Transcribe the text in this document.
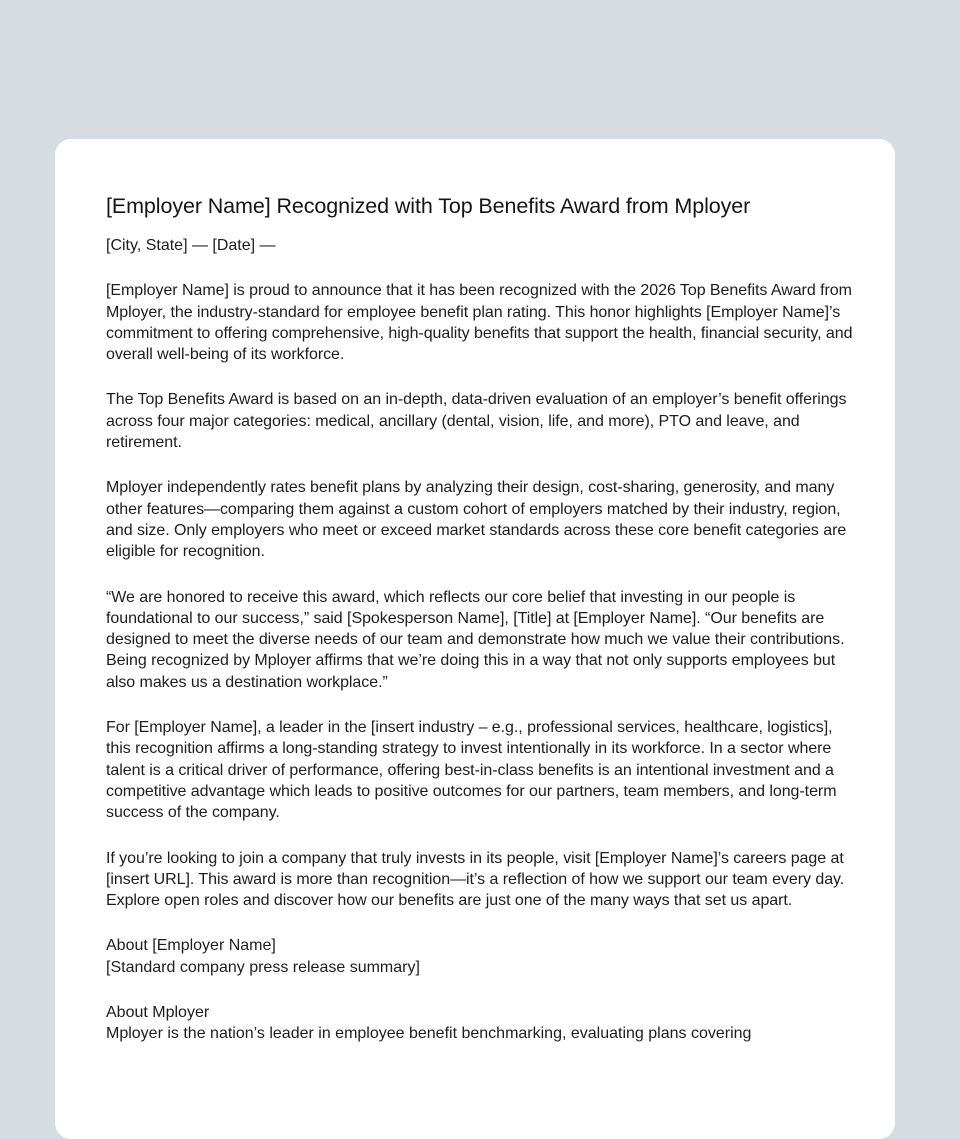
[Employer Name] Recognized with Top Benefits Award from Mployer

[City, State] — [Date] —

[Employer Name] is proud to announce that it has been recognized with the 2026 Top Benefits Award from Mployer, the industry-standard for employee benefit plan rating. This honor highlights [Employer Name]’s commitment to offering comprehensive, high-quality benefits that support the health, financial security, and overall well-being of its workforce.

The Top Benefits Award is based on an in-depth, data-driven evaluation of an employer’s benefit offerings across four major categories: medical, ancillary (dental, vision, life, and more), PTO and leave, and retirement.

Mployer independently rates benefit plans by analyzing their design, cost-sharing, generosity, and many other features—comparing them against a custom cohort of employers matched by their industry, region, and size. Only employers who meet or exceed market standards across these core benefit categories are eligible for recognition.

“We are honored to receive this award, which reflects our core belief that investing in our people is foundational to our success,” said [Spokesperson Name], [Title] at [Employer Name]. “Our benefits are designed to meet the diverse needs of our team and demonstrate how much we value their contributions. Being recognized by Mployer affirms that we’re doing this in a way that not only supports employees but also makes us a destination workplace.”

For [Employer Name], a leader in the [insert industry – e.g., professional services, healthcare, logistics], this recognition affirms a long-standing strategy to invest intentionally in its workforce. In a sector where talent is a critical driver of performance, offering best-in-class benefits is an intentional investment and a competitive advantage which leads to positive outcomes for our partners, team members, and long-term success of the company.

If you’re looking to join a company that truly invests in its people, visit [Employer Name]’s careers page at [insert URL]. This award is more than recognition—it’s a reflection of how we support our team every day. Explore open roles and discover how our benefits are just one of the many ways that set us apart.

About [Employer Name]
[Standard company press release summary]
About Mployer
Mployer is the nation’s leader in employee benefit benchmarking, evaluating plans covering
